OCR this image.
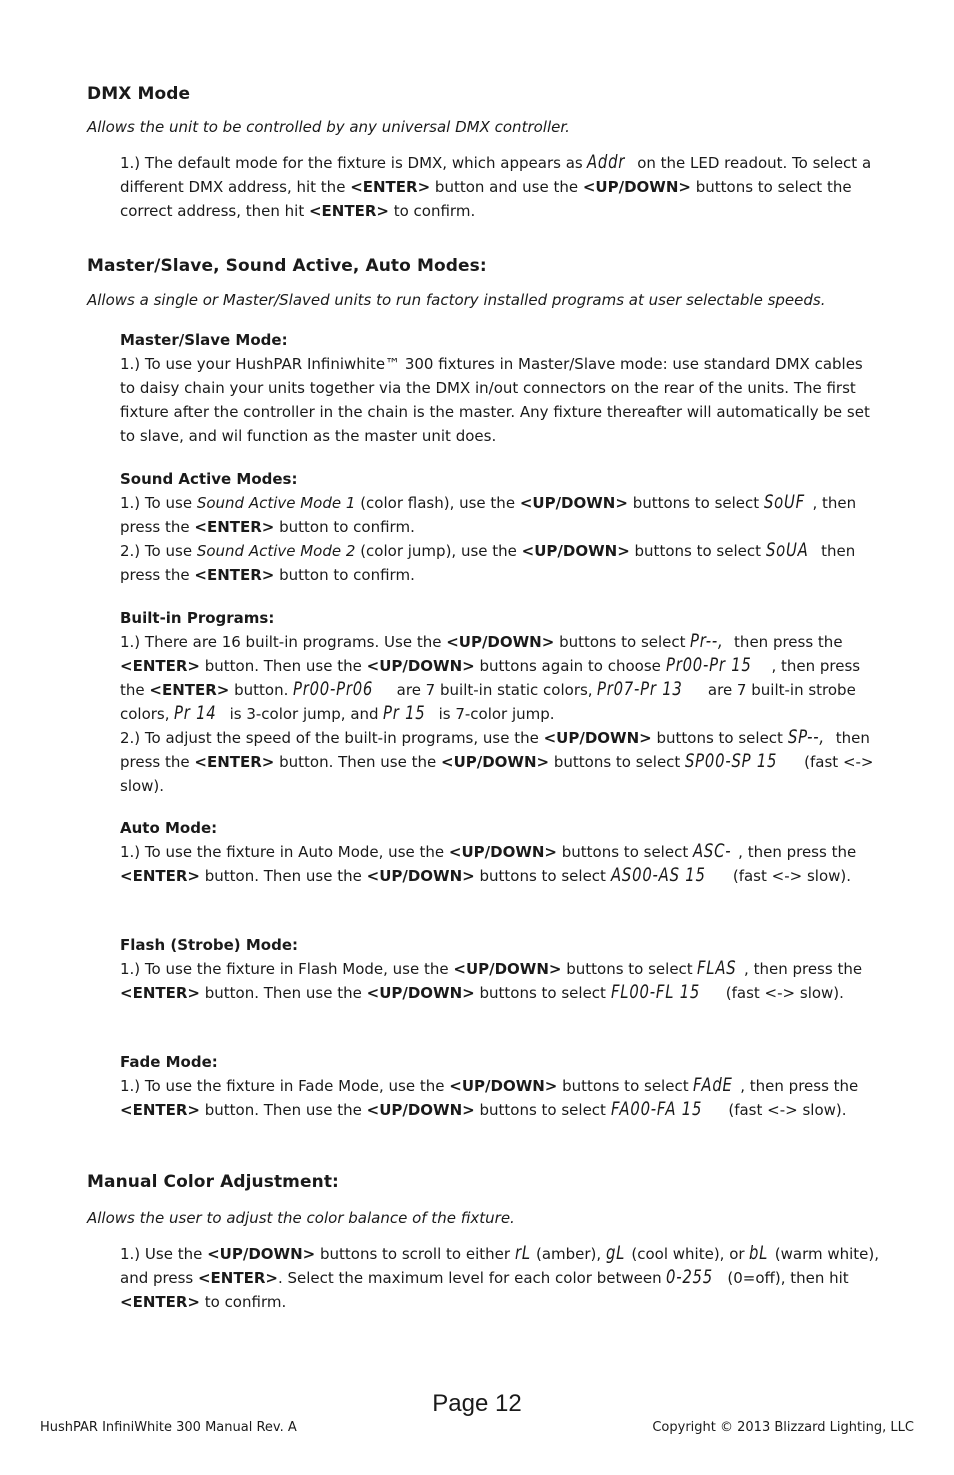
DMX Mode
Allows the unit to be controlled by any universal DMX controller.

1.) The default mode for the fixture is DMX, which appears as Addr on the LED readout. To select a different DMX address, hit the <ENTER> button and use the <UP/DOWN> buttons to select the correct address, then hit <ENTER> to confirm.

Master/Slave, Sound Active, Auto Modes:
Allows a single or Master/Slaved units to run factory installed programs at user selectable speeds.
Master/Slave Mode:

1.) To use your HushPAR Infiniwhite™ 300 fixtures in Master/Slave mode: use standard DMX cables to daisy chain your units together via the DMX in/out connectors on the rear of the units. The first fixture after the controller in the chain is the master. Any fixture thereafter will automatically be set to slave, and wil function as the master unit does.

Sound Active Modes:

1.) To use Sound Active Mode 1 (color flash), use the <UP/DOWN> buttons to select SoUF , then press the <ENTER> button to confirm.

2.) To use Sound Active Mode 2 (color jump), use the <UP/DOWN> buttons to select SoUA then press the <ENTER> button to confirm.

Built-in Programs:

1.) There are 16 built-in programs. Use the <UP/DOWN> buttons to select Pr--, then press the <ENTER> button. Then use the <UP/DOWN> buttons again to choose Pr00-Pr 15 , then press the <ENTER> button. Pr00-Pr06 are 7 built-in static colors, Pr07-Pr 13 are 7 built-in strobe colors, Pr 14 is 3-color jump, and Pr 15 is 7-color jump.

2.) To adjust the speed of the built-in programs, use the <UP/DOWN> buttons to select SP--, then press the <ENTER> button. Then use the <UP/DOWN> buttons to select SP00-SP 15 (fast <-> slow).

Auto Mode:

1.) To use the fixture in Auto Mode, use the <UP/DOWN> buttons to select ASC- , then press the <ENTER> button. Then use the <UP/DOWN> buttons to select AS00-AS 15 (fast <-> slow).

Flash (Strobe) Mode:

1.) To use the fixture in Flash Mode, use the <UP/DOWN> buttons to select FLAS , then press the <ENTER> button. Then use the <UP/DOWN> buttons to select FL00-FL 15 (fast <-> slow).

Fade Mode:

1.) To use the fixture in Fade Mode, use the <UP/DOWN> buttons to select FAdE , then press the <ENTER> button. Then use the <UP/DOWN> buttons to select FA00-FA 15 (fast <-> slow).

Manual Color Adjustment:
Allows the user to adjust the color balance of the fixture.

1.) Use the <UP/DOWN> buttons to scroll to either rL (amber), gL (cool white), or bL (warm white), and press <ENTER>. Select the maximum level for each color between 0-255 (0=off), then hit <ENTER> to confirm.

Page 12
HushPAR InfiniWhite 300 Manual Rev. A	Copyright © 2013 Blizzard Lighting, LLC
